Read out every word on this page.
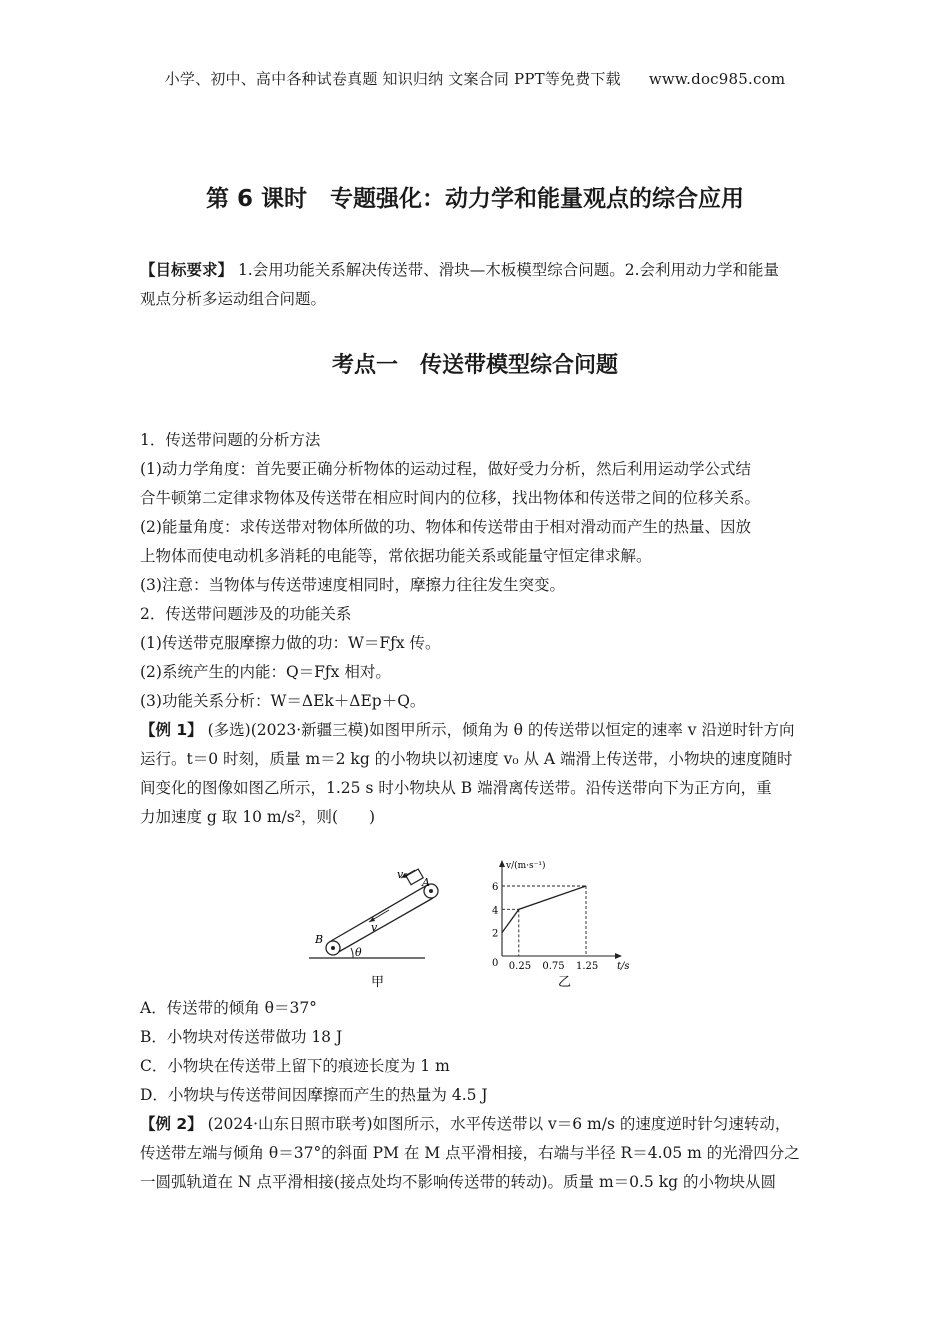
小学、初中、高中各种试卷真题 知识归纳 文案合同 PPT等免费下载 www.doc985.com
第 6 课时　专题强化：动力学和能量观点的综合应用
【目标要求】 1.会用功能关系解决传送带、滑块—木板模型综合问题。2.会利用动力学和能量
观点分析多运动组合问题。
考点一　传送带模型综合问题
1．传送带问题的分析方法
(1)动力学角度：首先要正确分析物体的运动过程，做好受力分析，然后利用运动学公式结
合牛顿第二定律求物体及传送带在相应时间内的位移，找出物体和传送带之间的位移关系。
(2)能量角度：求传送带对物体所做的功、物体和传送带由于相对滑动而产生的热量、因放
上物体而使电动机多消耗的电能等，常依据功能关系或能量守恒定律求解。
(3)注意：当物体与传送带速度相同时，摩擦力往往发生突变。
2．传送带问题涉及的功能关系
(1)传送带克服摩擦力做的功：W＝Fƒx 传。
(2)系统产生的内能：Q＝Fƒx 相对。
(3)功能关系分析：W＝ΔEk＋ΔEp＋Q。
【例 1】 (多选)(2023·新疆三模)如图甲所示，倾角为 θ 的传送带以恒定的速率 v 沿逆时针方向
运行。t＝0 时刻，质量 m＝2 kg 的小物块以初速度 v₀ 从 A 端滑上传送带，小物块的速度随时
间变化的图像如图乙所示，1.25 s 时小物块从 B 端滑离传送带。沿传送带向下为正方向，重
力加速度 g 取 10 m/s²，则(　　)
v₀
A
B
v
θ
甲
v/(m·s⁻¹)
t/s
0
2
4
6
0.25 0.75 1.25
乙
A．传送带的倾角 θ＝37°
B．小物块对传送带做功 18 J
C．小物块在传送带上留下的痕迹长度为 1 m
D．小物块与传送带间因摩擦而产生的热量为 4.5 J
【例 2】 (2024·山东日照市联考)如图所示，水平传送带以 v＝6 m/s 的速度逆时针匀速转动，
传送带左端与倾角 θ＝37°的斜面 PM 在 M 点平滑相接，右端与半径 R＝4.05 m 的光滑四分之
一圆弧轨道在 N 点平滑相接(接点处均不影响传送带的转动)。质量 m＝0.5 kg 的小物块从圆
